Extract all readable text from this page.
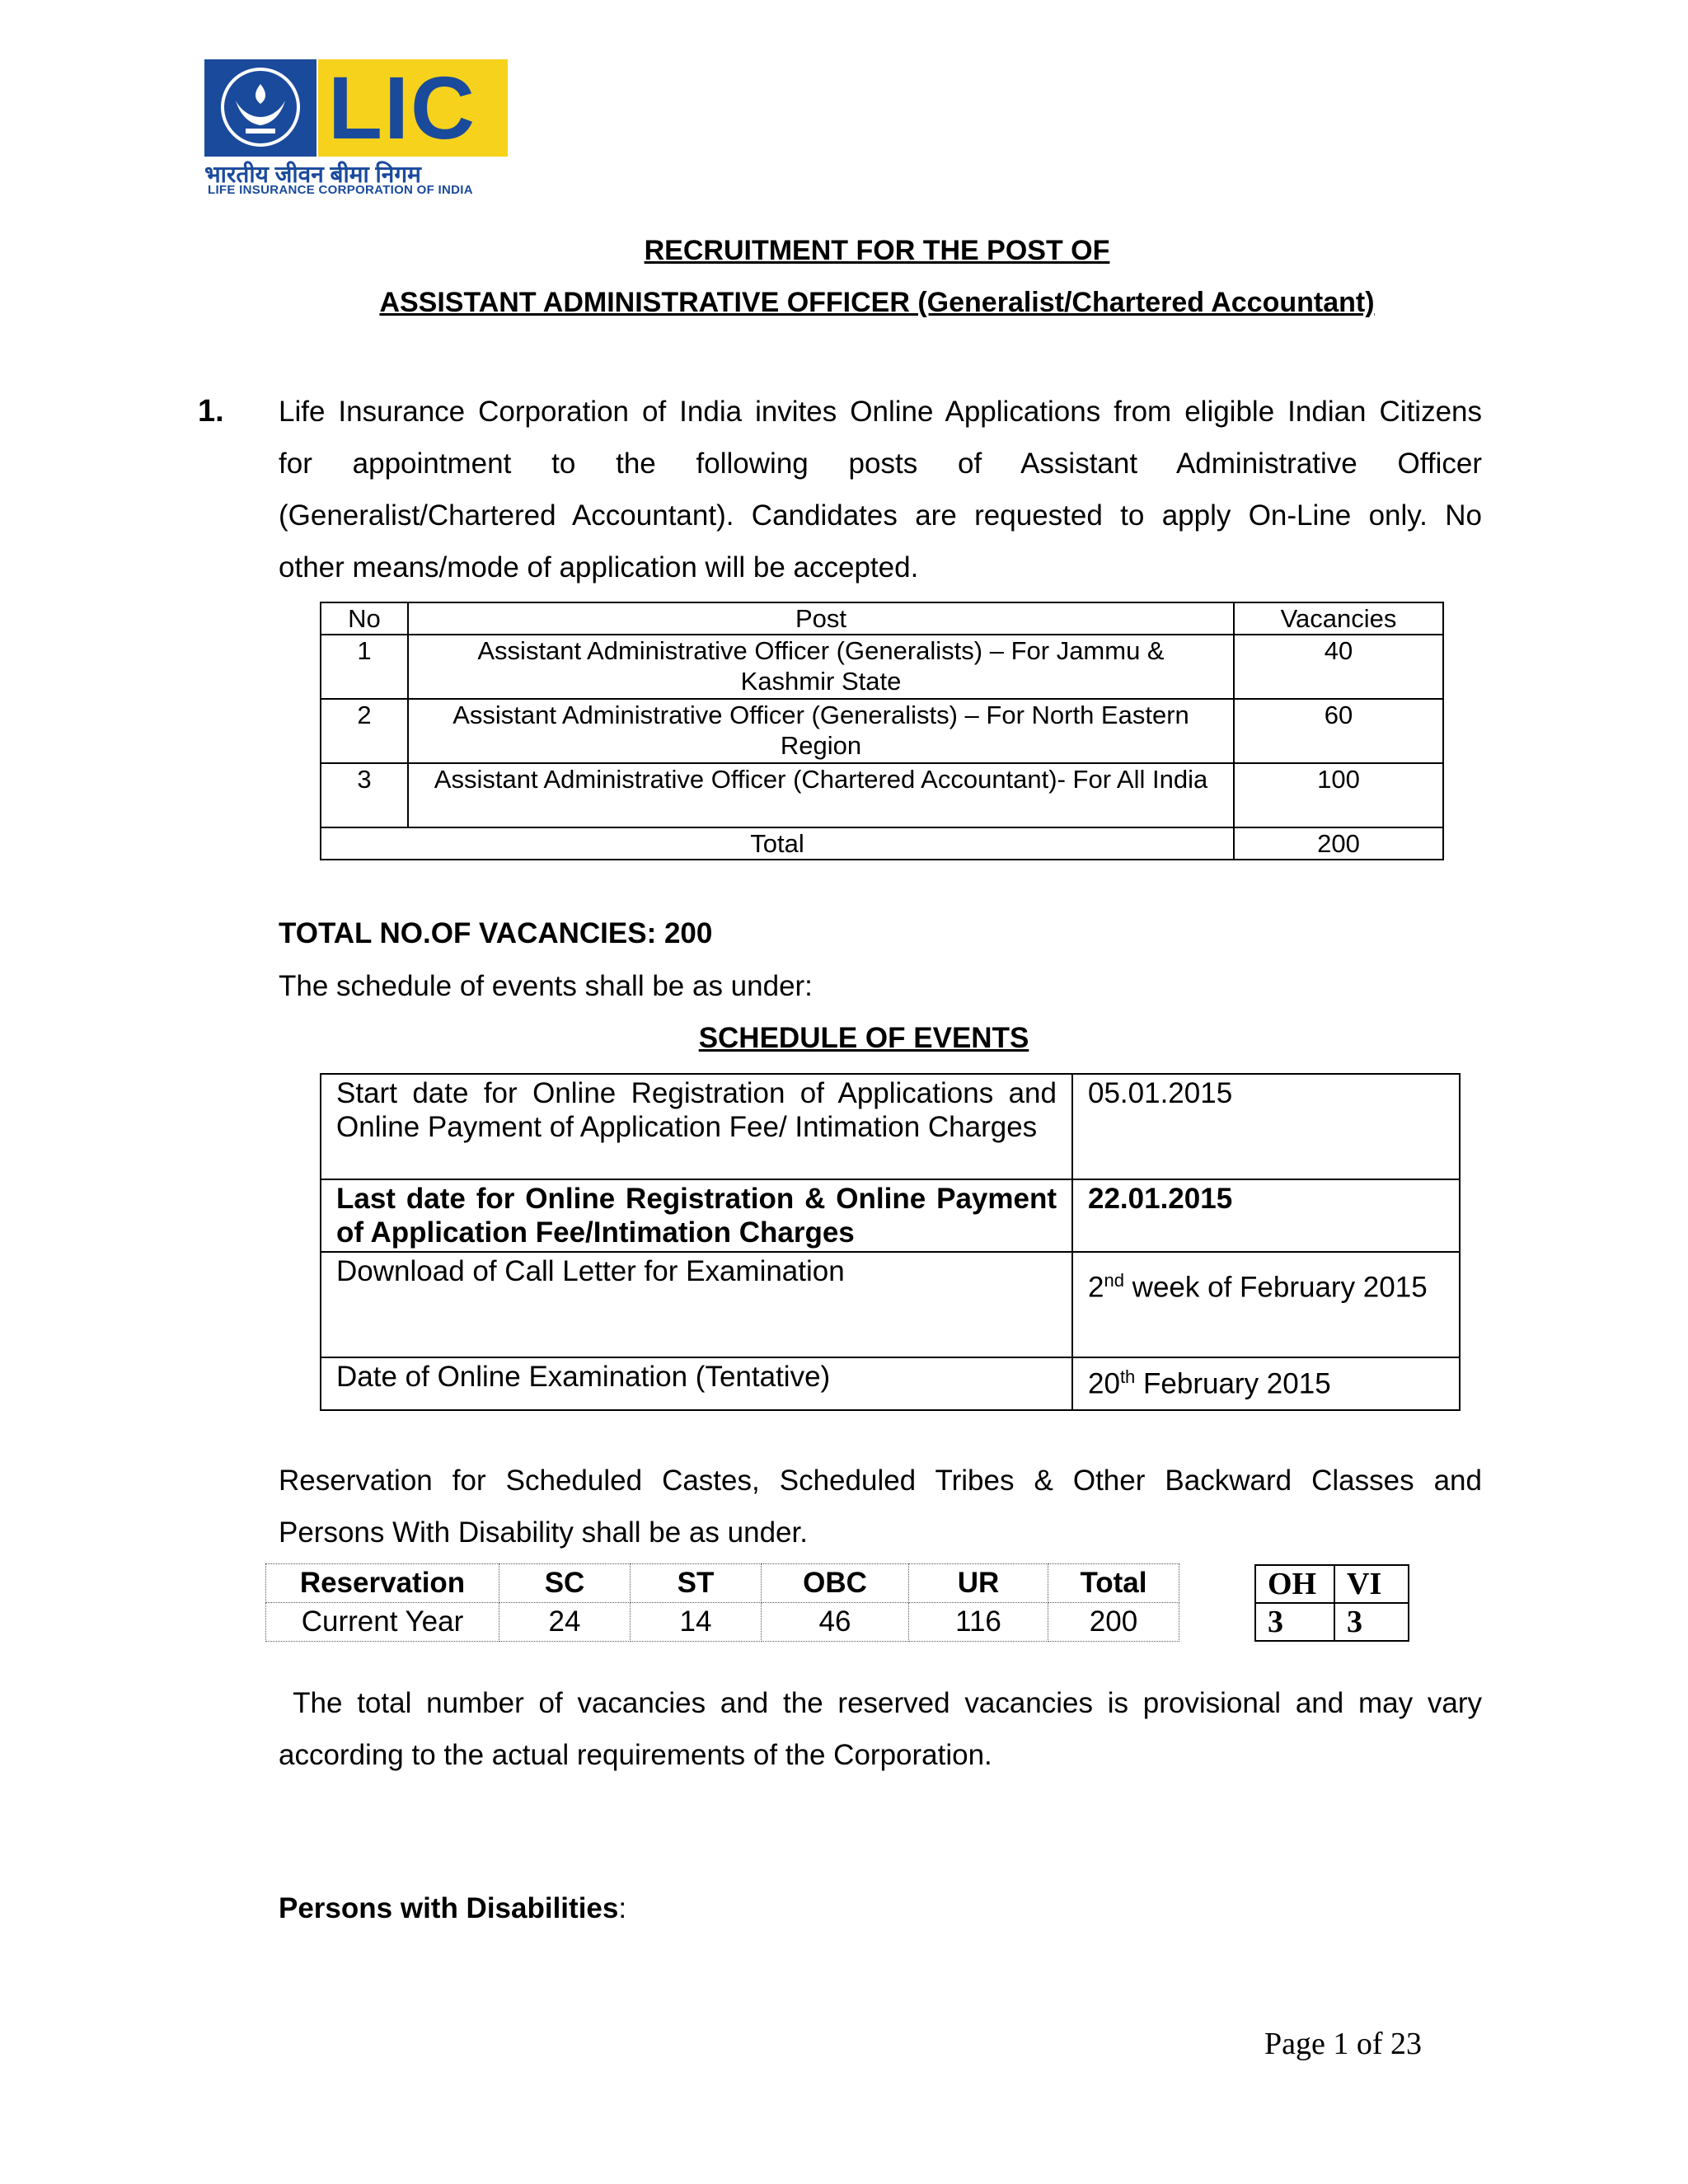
LIC
भारतीय जीवन बीमा निगम
LIFE INSURANCE CORPORATION OF INDIA
RECRUITMENT FOR THE POST OF
ASSISTANT ADMINISTRATIVE OFFICER (Generalist/Chartered Accountant)
1. Life Insurance Corporation of India invites Online Applications from eligible Indian Citizens
for appointment to the following posts of Assistant Administrative Officer
(Generalist/Chartered Accountant). Candidates are requested to apply On-Line only. No
other means/mode of application will be accepted.
No	Post	Vacancies
1	Assistant Administrative Officer (Generalists) – For Jammu & Kashmir State	40
2	Assistant Administrative Officer (Generalists) – For North Eastern Region	60
3	Assistant Administrative Officer (Chartered Accountant)- For All India	100
Total		200
TOTAL NO.OF VACANCIES: 200
The schedule of events shall be as under:
SCHEDULE OF EVENTS
Start date for Online Registration of Applications and Online Payment of Application Fee/ Intimation Charges	05.01.2015
Last date for Online Registration & Online Payment of Application Fee/Intimation Charges	22.01.2015
Download of Call Letter for Examination	2nd week of February 2015
Date of Online Examination (Tentative)	20th February 2015
Reservation for Scheduled Castes, Scheduled Tribes & Other Backward Classes and
Persons With Disability shall be as under.
Reservation	SC	ST	OBC	UR	Total
Current Year	24	14	46	116	200
OH	VI
3	3
The total number of vacancies and the reserved vacancies is provisional and may vary
according to the actual requirements of the Corporation.
Persons with Disabilities:
Page 1 of 23
